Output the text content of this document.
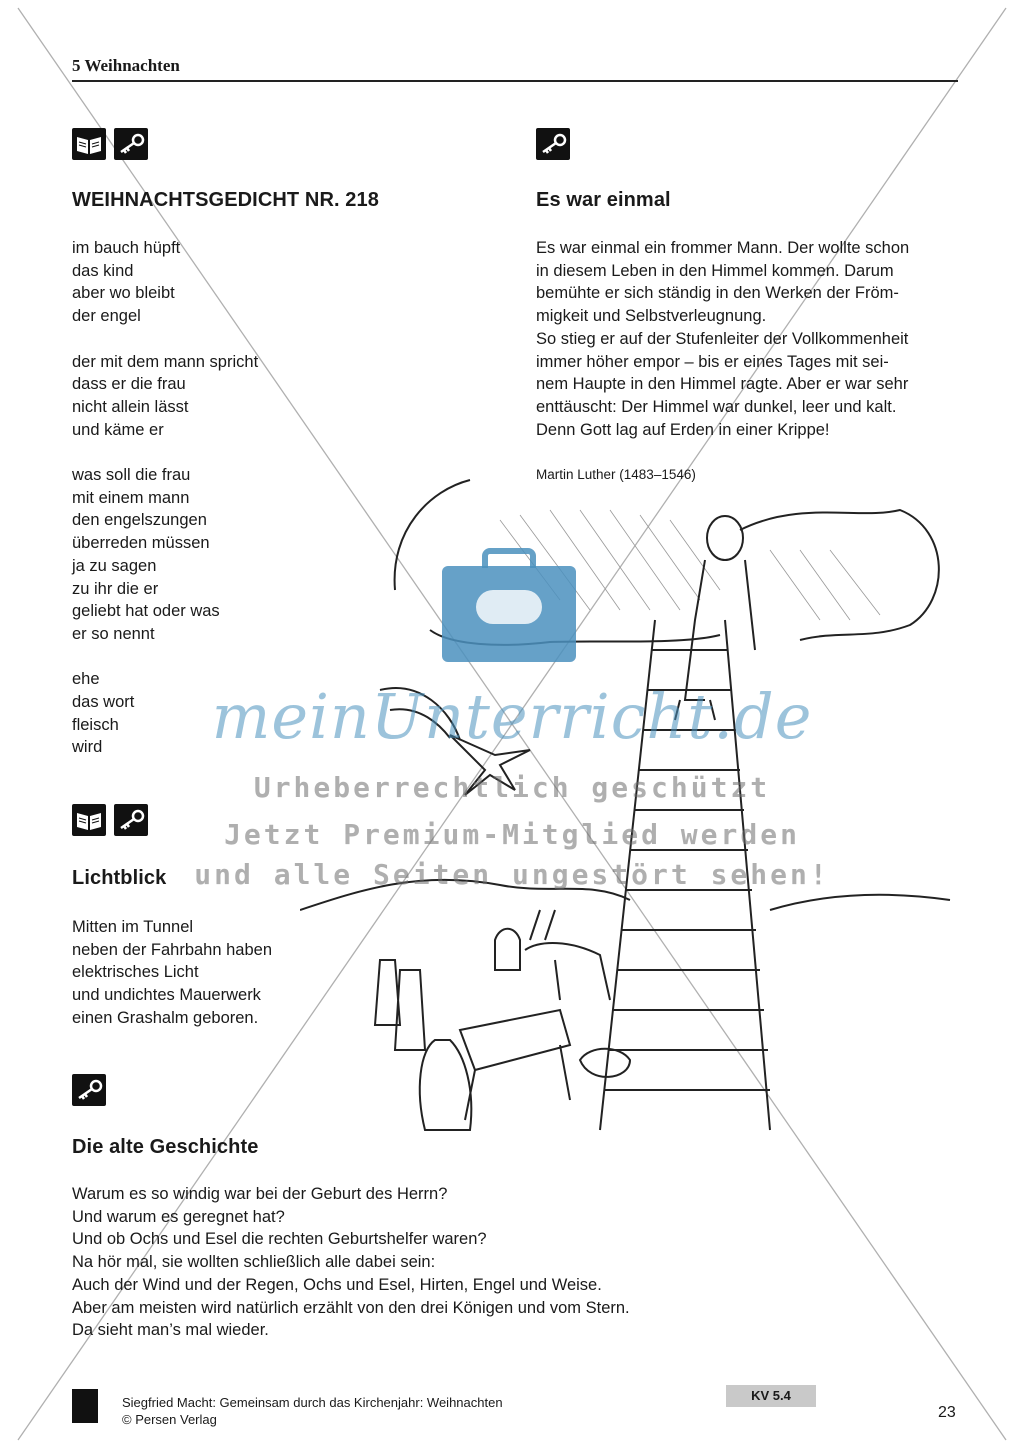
5 Weihnachten
WEIHNACHTSGEDICHT NR. 218
im bauch hüpft
das kind
aber wo bleibt
der engel
der mit dem mann spricht
dass er die frau
nicht allein lässt
und käme er
was soll die frau
mit einem mann
den engelszungen
überreden müssen
ja zu sagen
zu ihr die er
geliebt hat oder was
er so nennt
ehe
das wort
fleisch
wird
Lichtblick
Mitten im Tunnel
neben der Fahrbahn haben
elektrisches Licht
und undichtes Mauerwerk
einen Grashalm geboren.
Es war einmal
Es war einmal ein frommer Mann. Der wollte schon
in diesem Leben in den Himmel kommen. Darum
bemühte er sich ständig in den Werken der Fröm-
migkeit und Selbstverleugnung.
So stieg er auf der Stufenleiter der Vollkommenheit
immer höher empor – bis er eines Tages mit sei-
nem Haupte in den Himmel ragte. Aber er war sehr
enttäuscht: Der Himmel war dunkel, leer und kalt.
Denn Gott lag auf Erden in einer Krippe!
Martin Luther (1483–1546)
Die alte Geschichte
Warum es so windig war bei der Geburt des Herrn?
Und warum es geregnet hat?
Und ob Ochs und Esel die rechten Geburtshelfer waren?
Na hör mal, sie wollten schließlich alle dabei sein:
Auch der Wind und der Regen, Ochs und Esel, Hirten, Engel und Weise.
Aber am meisten wird natürlich erzählt von den drei Königen und vom Stern.
Da sieht man’s mal wieder.
meinUnterricht.de
Urheberrechtlich geschützt
Jetzt Premium-Mitglied werden
und alle Seiten ungestört sehen!
Siegfried Macht: Gemeinsam durch das Kirchenjahr: Weihnachten
© Persen Verlag
KV 5.4
23
